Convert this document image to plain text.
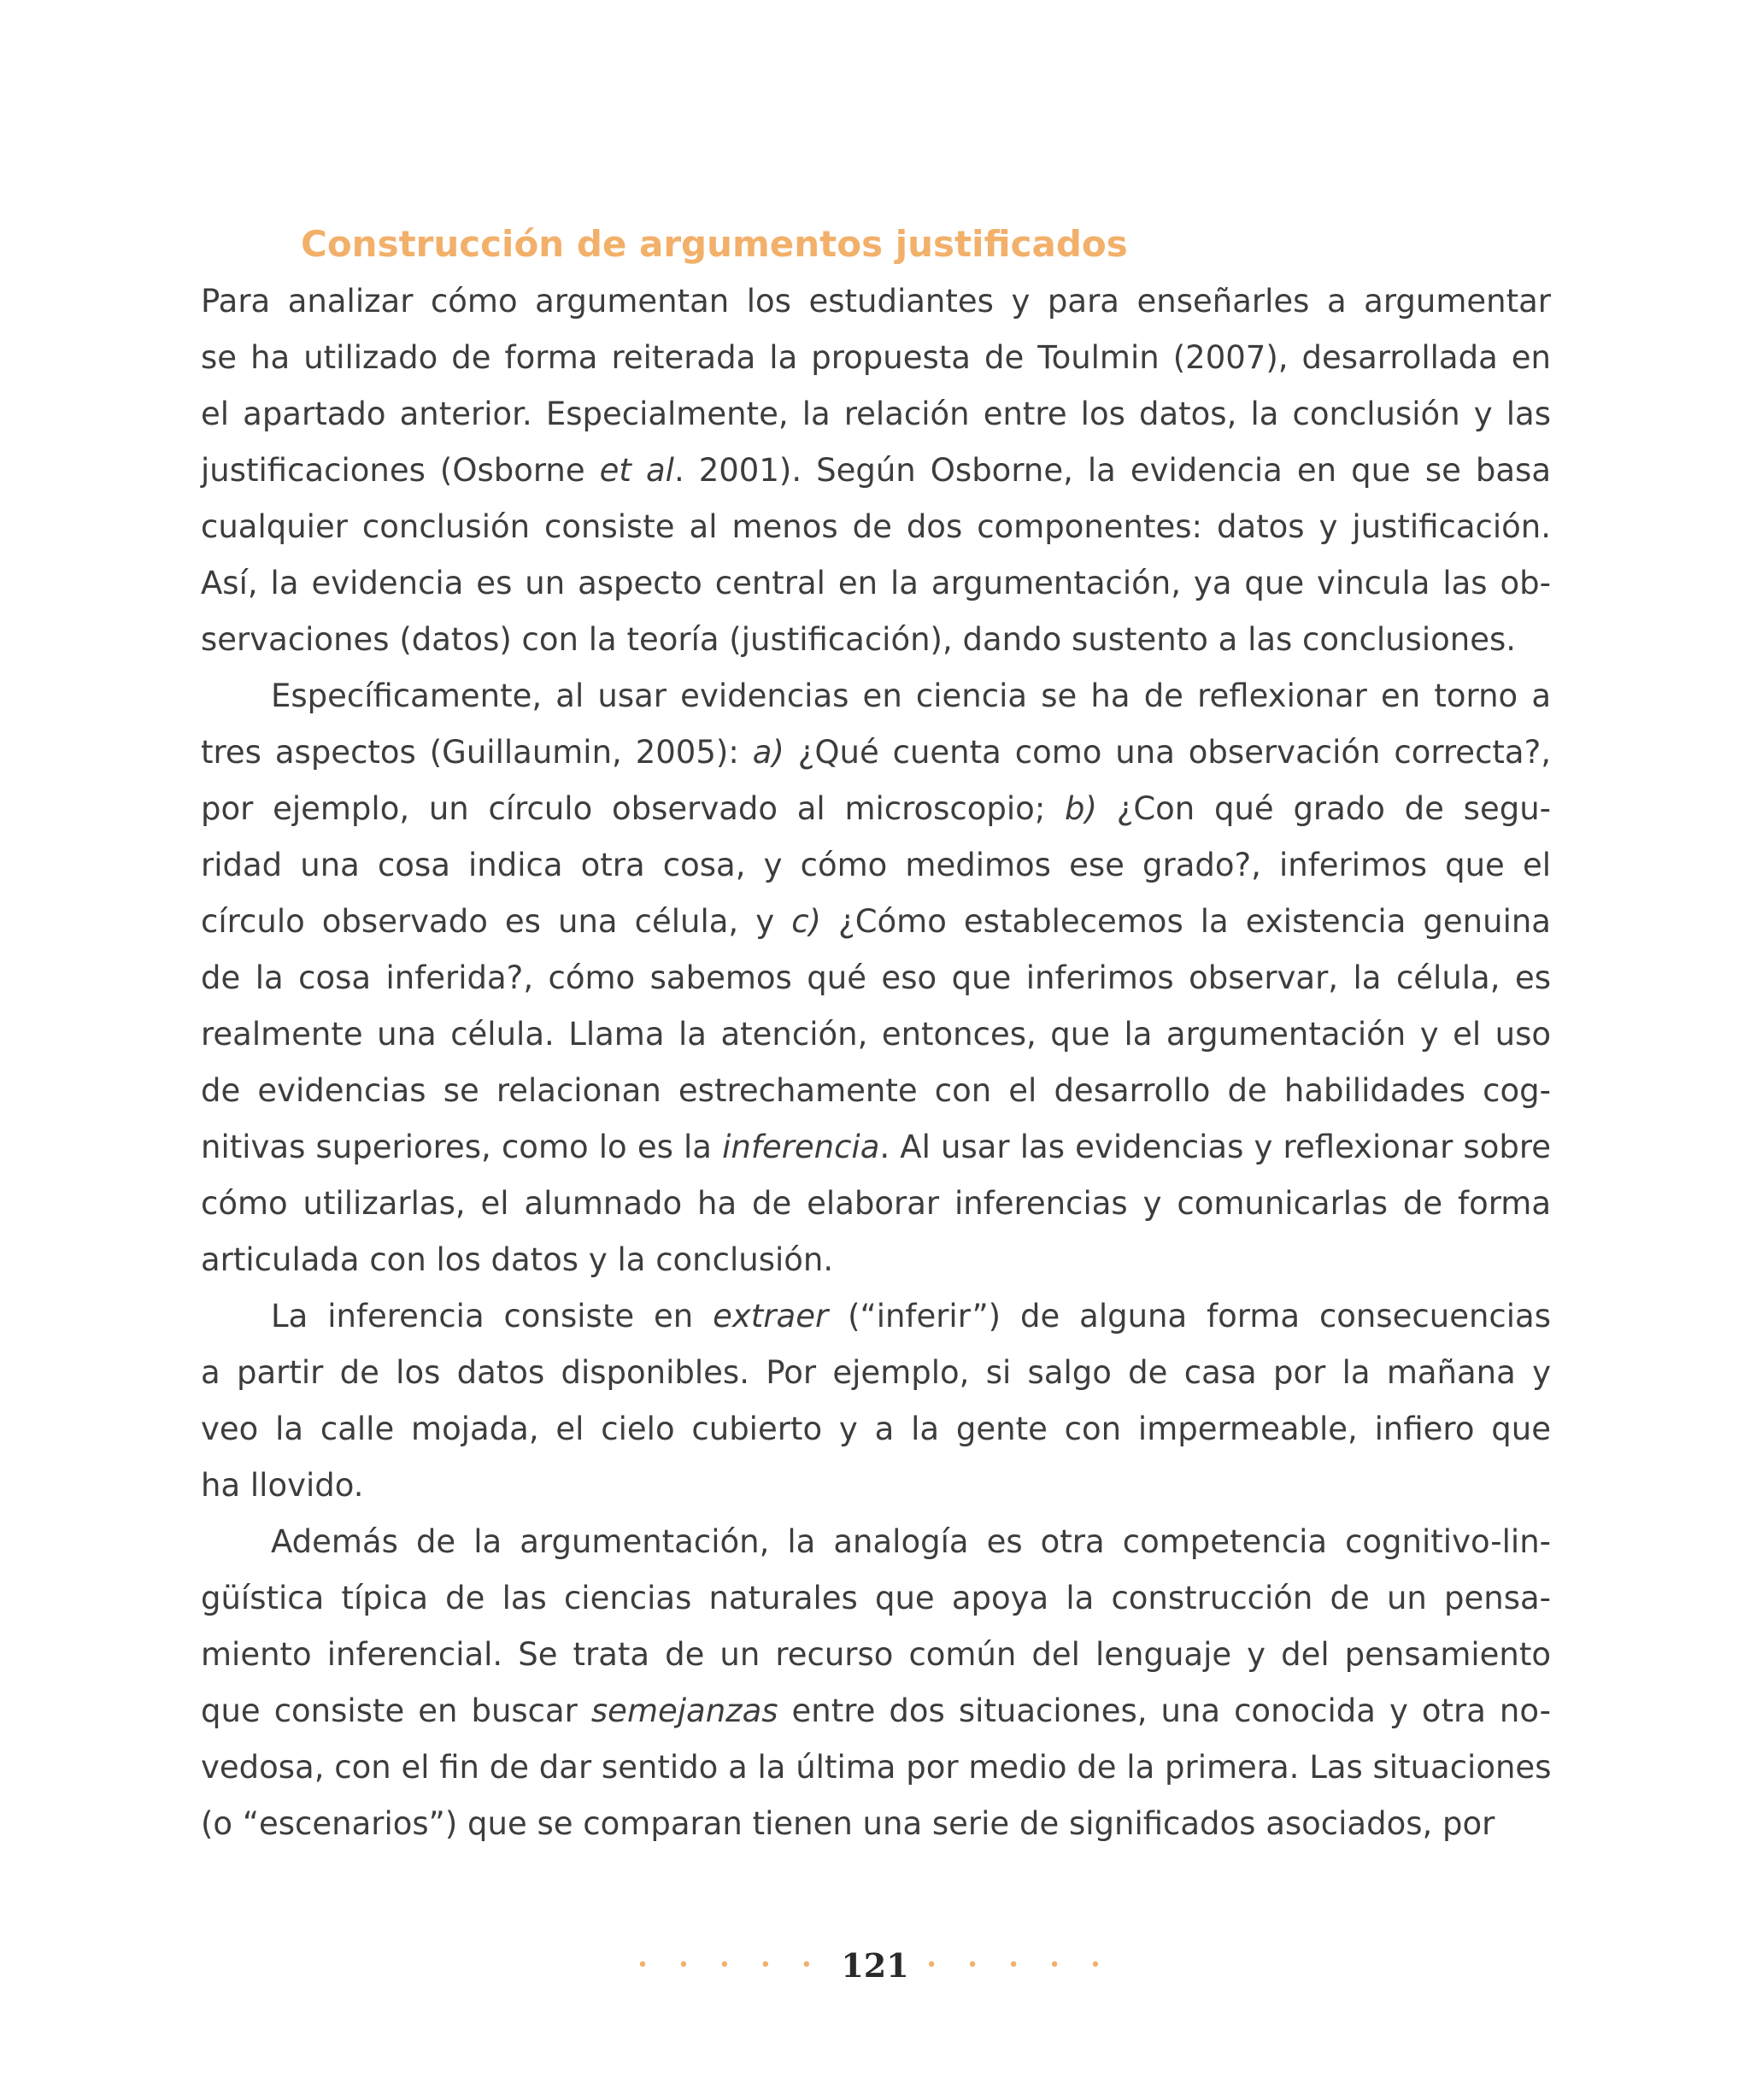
Construcción de argumentos justificados
Para analizar cómo argumentan los estudiantes y para enseñarles a argumentar
se ha utilizado de forma reiterada la propuesta de Toulmin (2007), desarrollada en
el apartado anterior. Especialmente, la relación entre los datos, la conclusión y las
justificaciones (Osborne et al. 2001). Según Osborne, la evidencia en que se basa
cualquier conclusión consiste al menos de dos componentes: datos y justificación.
Así, la evidencia es un aspecto central en la argumentación, ya que vincula las ob-
servaciones (datos) con la teoría (justificación), dando sustento a las conclusiones.
Específicamente, al usar evidencias en ciencia se ha de reflexionar en torno a
tres aspectos (Guillaumin, 2005): a) ¿Qué cuenta como una observación correcta?,
por ejemplo, un círculo observado al microscopio; b) ¿Con qué grado de segu-
ridad una cosa indica otra cosa, y cómo medimos ese grado?, inferimos que el
círculo observado es una célula, y c) ¿Cómo establecemos la existencia genuina
de la cosa inferida?, cómo sabemos qué eso que inferimos observar, la célula, es
realmente una célula. Llama la atención, entonces, que la argumentación y el uso
de evidencias se relacionan estrechamente con el desarrollo de habilidades cog-
nitivas superiores, como lo es la inferencia. Al usar las evidencias y reflexionar sobre
cómo utilizarlas, el alumnado ha de elaborar inferencias y comunicarlas de forma
articulada con los datos y la conclusión.
La inferencia consiste en extraer (“inferir”) de alguna forma consecuencias
a partir de los datos disponibles. Por ejemplo, si salgo de casa por la mañana y
veo la calle mojada, el cielo cubierto y a la gente con impermeable, infiero que
ha llovido.
Además de la argumentación, la analogía es otra competencia cognitivo-lin-
güística típica de las ciencias naturales que apoya la construcción de un pensa-
miento inferencial. Se trata de un recurso común del lenguaje y del pensamiento
que consiste en buscar semejanzas entre dos situaciones, una conocida y otra no-
vedosa, con el fin de dar sentido a la última por medio de la primera. Las situaciones
(o “escenarios”) que se comparan tienen una serie de significados asociados, por
• • • • • 121 • • • • •
